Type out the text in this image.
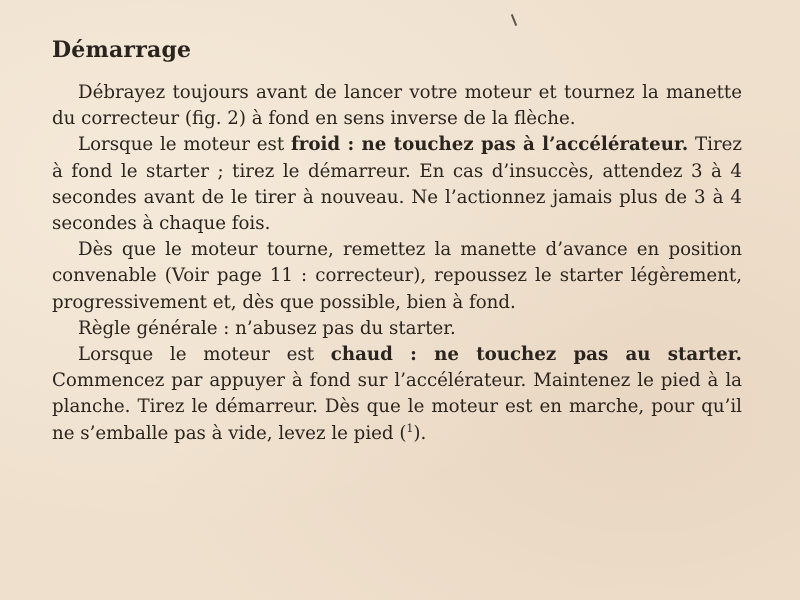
Démarrage

Débrayez toujours avant de lancer votre moteur et tournez la manette du correcteur (fig. 2) à fond en sens inverse de la flèche.

Lorsque le moteur est froid : ne touchez pas à l’accélérateur. Tirez à fond le starter ; tirez le démarreur. En cas d’insuccès, attendez 3 à 4 secondes avant de le tirer à nouveau. Ne l’actionnez jamais plus de 3 à 4 secondes à chaque fois.

Dès que le moteur tourne, remettez la manette d’avance en position convenable (Voir page 11 : correcteur), repoussez le starter légèrement, progressivement et, dès que possible, bien à fond.

Règle générale : n’abusez pas du starter.

Lorsque le moteur est chaud : ne touchez pas au starter. Commencez par appuyer à fond sur l’accélérateur. Maintenez le pied à la planche. Tirez le démarreur. Dès que le moteur est en marche, pour qu’il ne s’emballe pas à vide, levez le pied ($^1$).
